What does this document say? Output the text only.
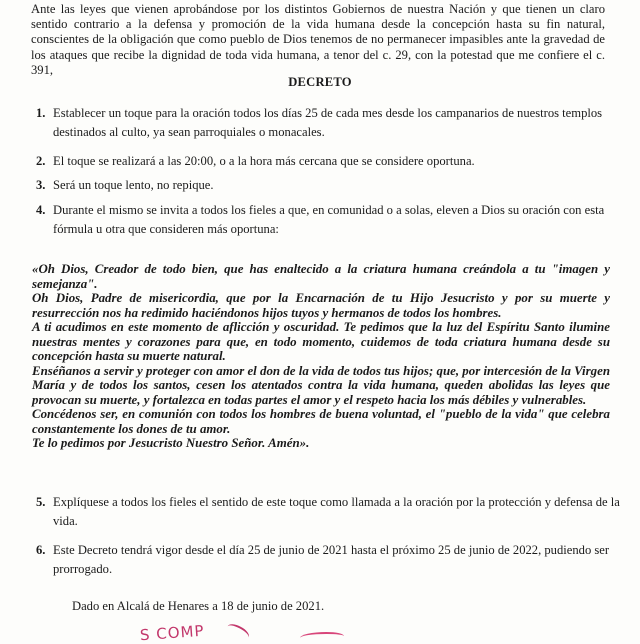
Ante las leyes que vienen aprobándose por los distintos Gobiernos de nuestra Nación y que tienen un claro sentido contrario a la defensa y promoción de la vida humana desde la concepción hasta su fin natural, conscientes de la obligación que como pueblo de Dios tenemos de no permanecer impasibles ante la gravedad de los ataques que recibe la dignidad de toda vida humana, a tenor del c. 29, con la potestad que me confiere el c. 391,

DECRETO

1. Establecer un toque para la oración todos los días 25 de cada mes desde los campanarios de nuestros templos destinados al culto, ya sean parroquiales o monacales.

2. El toque se realizará a las 20:00, o a la hora más cercana que se considere oportuna.

3. Será un toque lento, no repique.

4. Durante el mismo se invita a todos los fieles a que, en comunidad o a solas, eleven a Dios su oración con esta fórmula u otra que consideren más oportuna:

«Oh Dios, Creador de todo bien, que has enaltecido a la criatura humana creándola a tu "imagen y semejanza".

Oh Dios, Padre de misericordia, que por la Encarnación de tu Hijo Jesucristo y por su muerte y resurrección nos ha redimido haciéndonos hijos tuyos y hermanos de todos los hombres.

A ti acudimos en este momento de aflicción y oscuridad. Te pedimos que la luz del Espíritu Santo ilumine nuestras mentes y corazones para que, en todo momento, cuidemos de toda criatura humana desde su concepción hasta su muerte natural.

Enséñanos a servir y proteger con amor el don de la vida de todos tus hijos; que, por intercesión de la Virgen María y de todos los santos, cesen los atentados contra la vida humana, queden abolidas las leyes que provocan su muerte, y fortalezca en todas partes el amor y el respeto hacia los más débiles y vulnerables.

Concédenos ser, en comunión con todos los hombres de buena voluntad, el "pueblo de la vida" que celebra constantemente los dones de tu amor.

Te lo pedimos por Jesucristo Nuestro Señor. Amén».

5. Explíquese a todos los fieles el sentido de este toque como llamada a la oración por la protección y defensa de la vida.

6. Este Decreto tendrá vigor desde el día 25 de junio de 2021 hasta el próximo 25 de junio de 2022, pudiendo ser prorrogado.

Dado en Alcalá de Henares a 18 de junio de 2021.

S COMP
